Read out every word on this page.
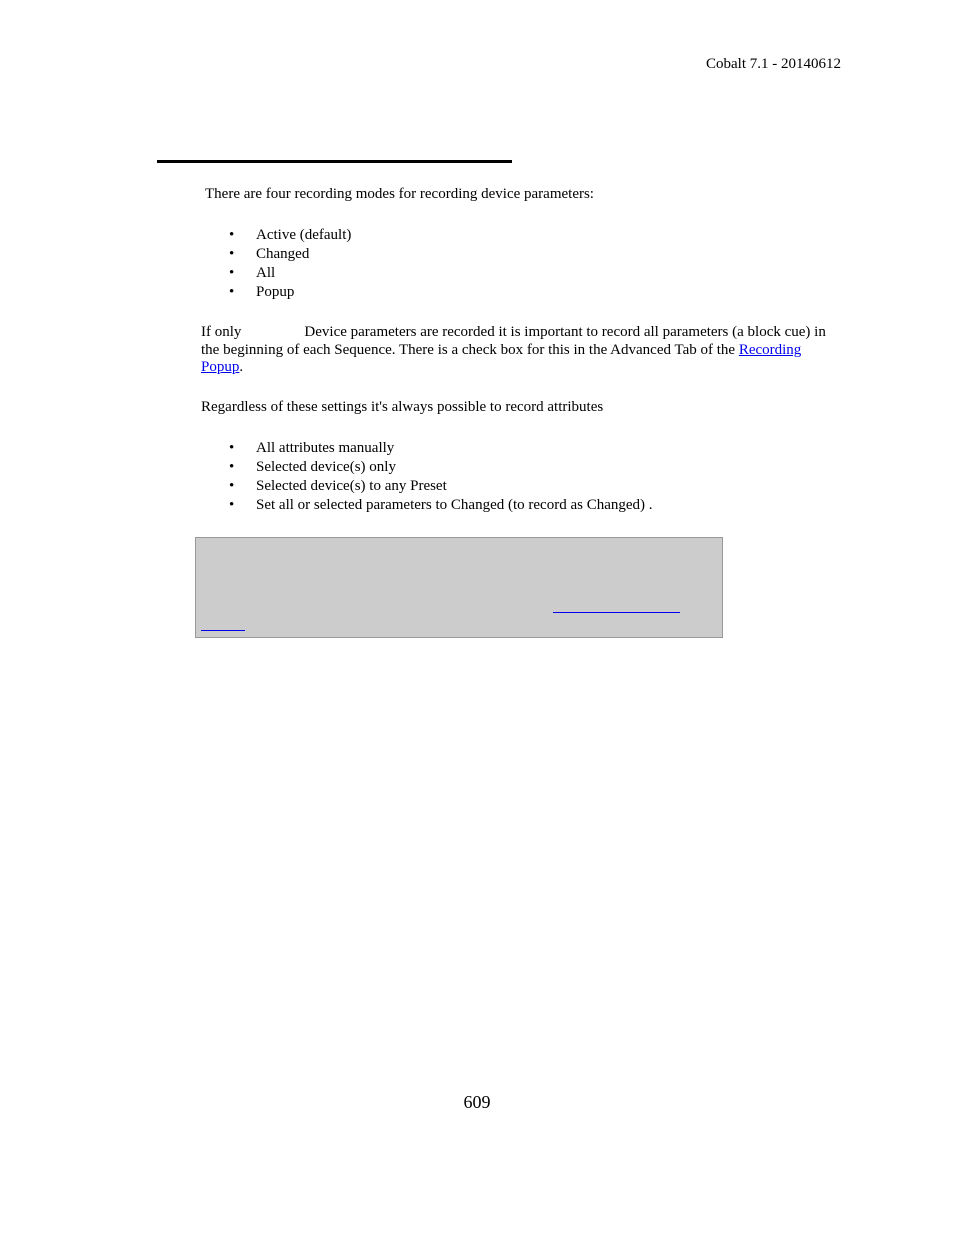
Cobalt 7.1 - 20140612
There are four recording modes for recording device parameters:
• Active (default)
• Changed
• All
• Popup
If only	Device parameters are recorded it is important to record all parameters (a block cue) in the beginning of each Sequence. There is a check box for this in the Advanced Tab of the Recording Popup.
Regardless of these settings it's always possible to record attributes
• All attributes manually
• Selected device(s) only
• Selected device(s) to any Preset
• Set all or selected parameters to Changed (to record as Changed) .
609
